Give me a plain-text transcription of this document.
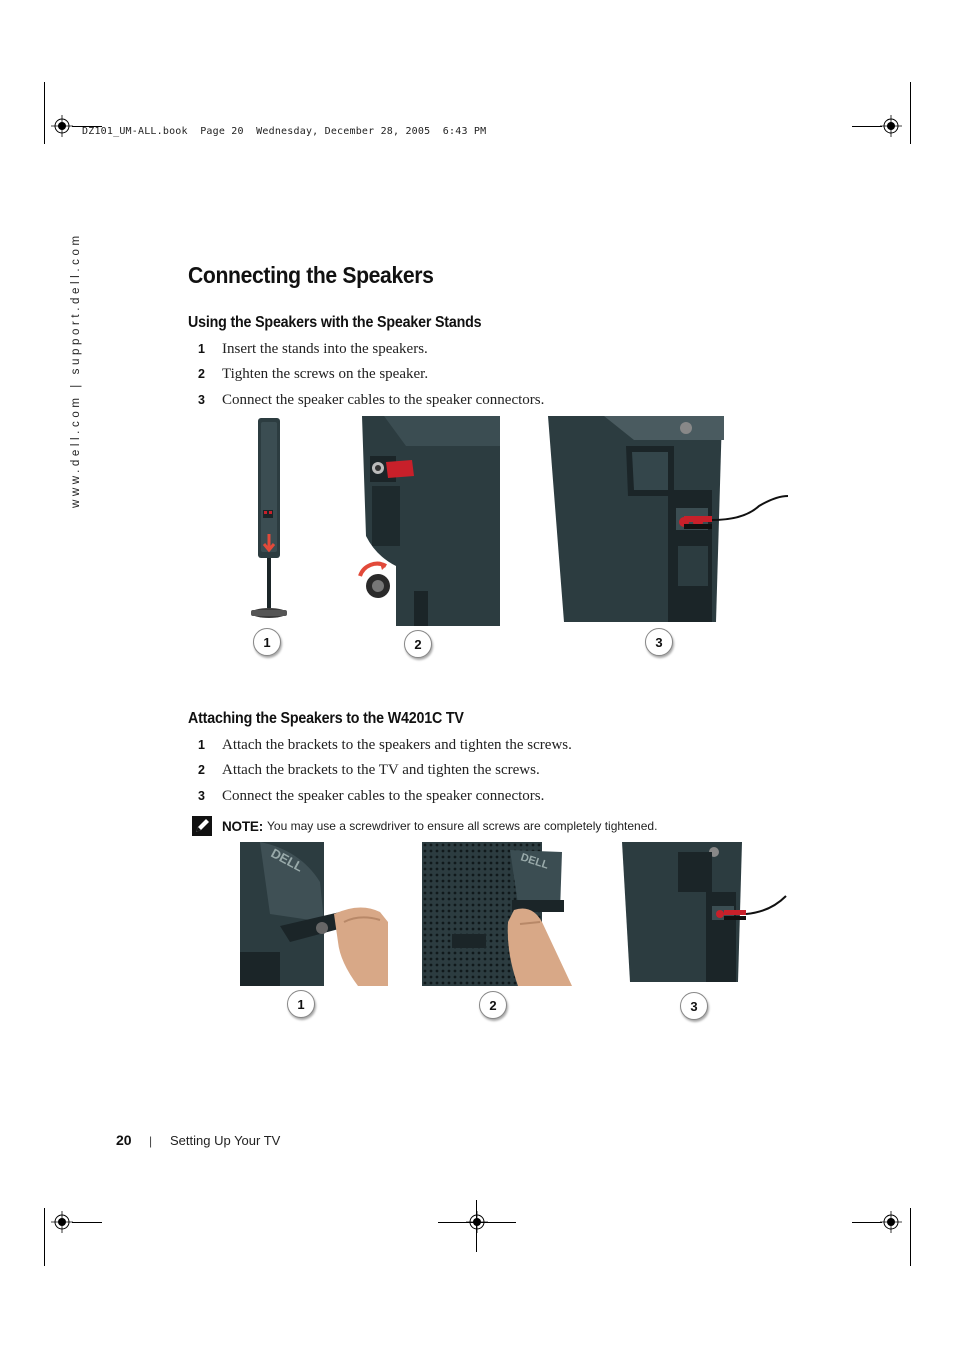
DZ101_UM-ALL.book  Page 20  Wednesday, December 28, 2005  6:43 PM
www.dell.com | support.dell.com	Connecting the Speakers
Using the Speakers with the Speaker Stands
1	Insert the stands into the speakers.
2	Tighten the screws on the speaker.
3	Connect the speaker cables to the speaker connectors.
1	2	3
Attaching the Speakers to the W4201C TV
1	Attach the brackets to the speakers and tighten the screws.
2	Attach the brackets to the TV and tighten the screws.
3	Connect the speaker cables to the speaker connectors.
NOTE: You may use a screwdriver to ensure all screws are completely tightened.
DELL	DELL
1	2	3
20 | Setting Up Your TV
